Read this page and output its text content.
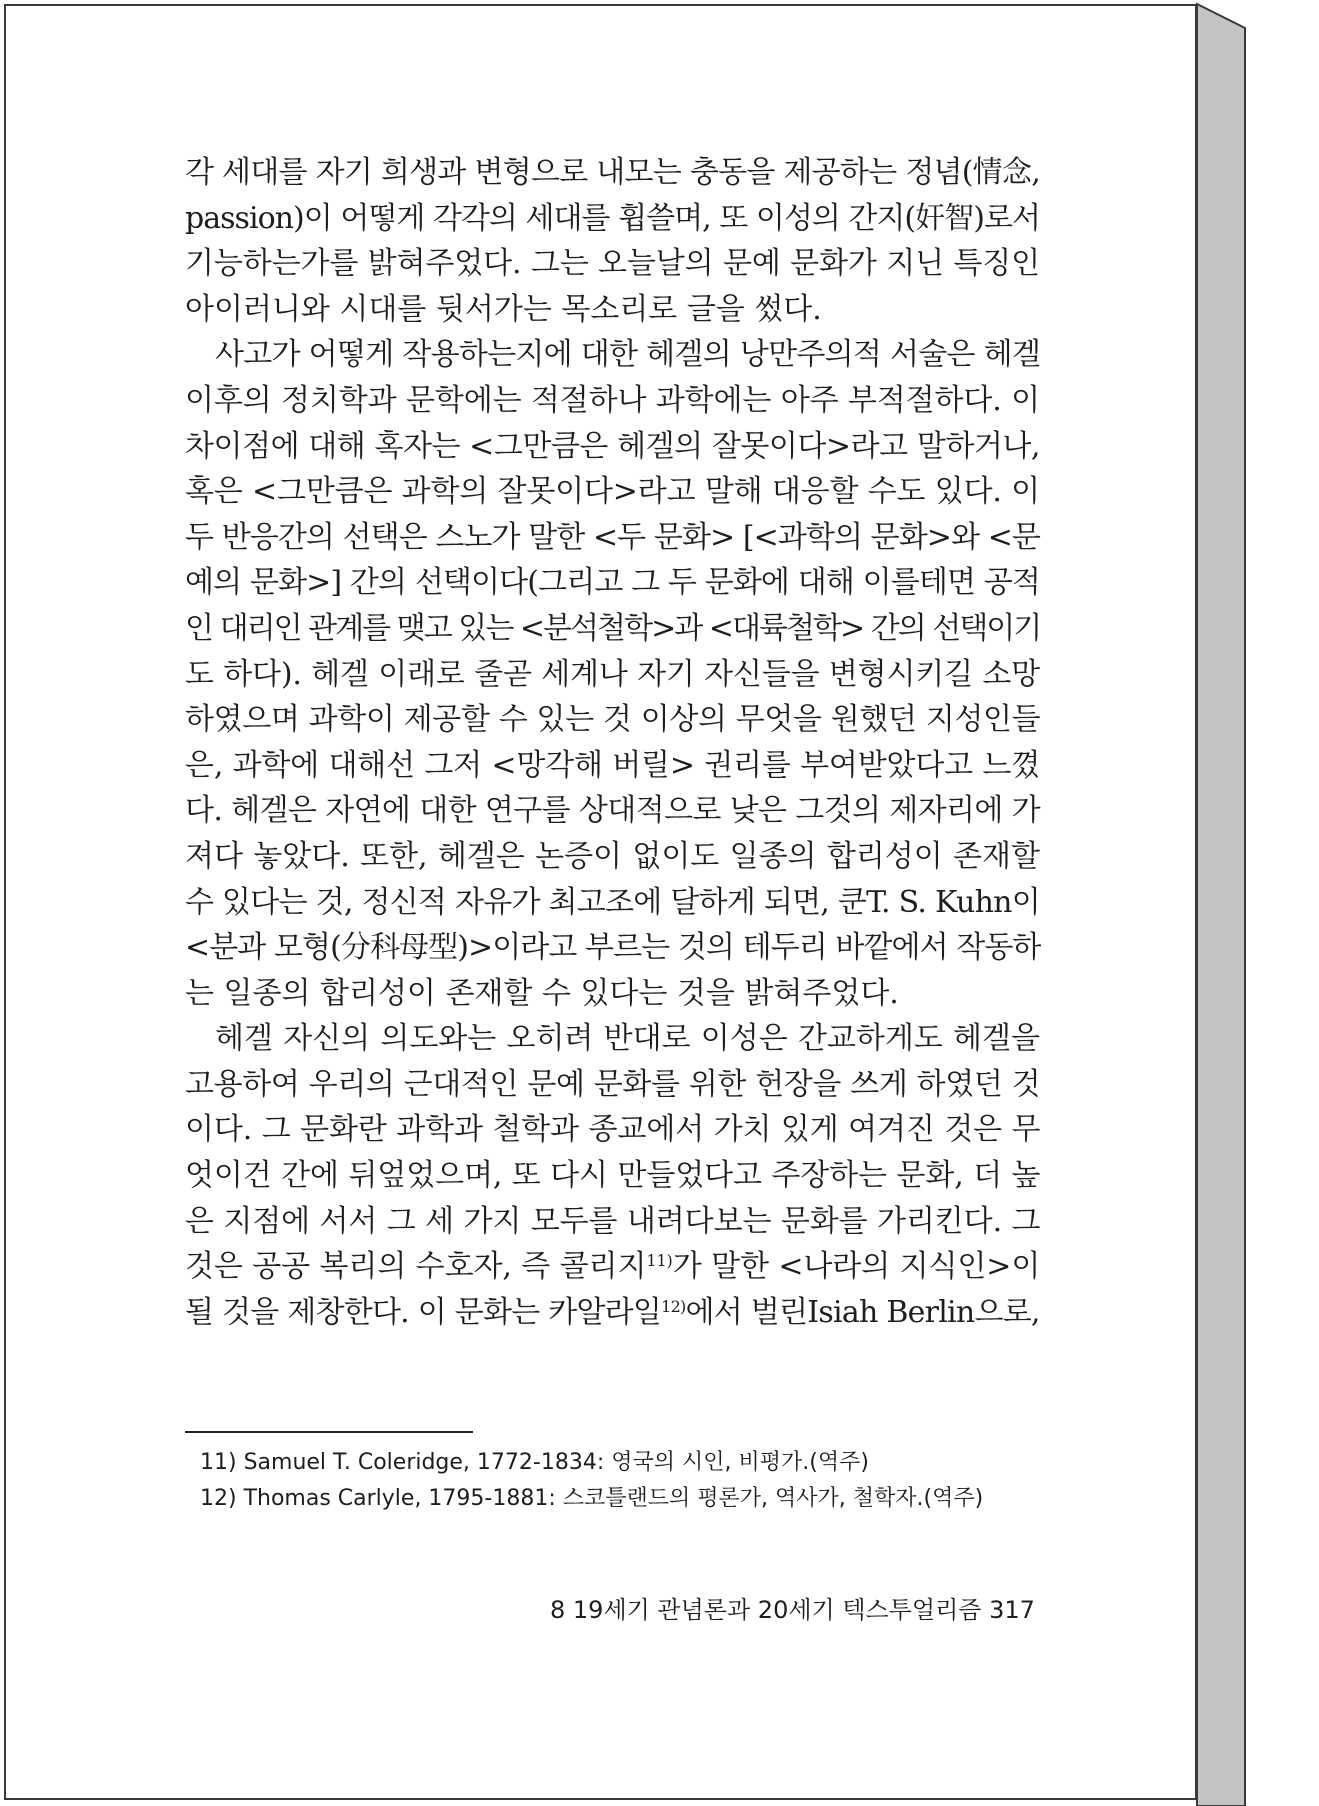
각 세대를 자기 희생과 변형으로 내모는 충동을 제공하는 정념(情念,
passion)이 어떻게 각각의 세대를 휩쓸며, 또 이성의 간지(奸智)로서
기능하는가를 밝혀주었다. 그는 오늘날의 문예 문화가 지닌 특징인
아이러니와 시대를 뒷서가는 목소리로 글을 썼다.
사고가 어떻게 작용하는지에 대한 헤겔의 낭만주의적 서술은 헤겔
이후의 정치학과 문학에는 적절하나 과학에는 아주 부적절하다. 이
차이점에 대해 혹자는 <그만큼은 헤겔의 잘못이다>라고 말하거나,
혹은 <그만큼은 과학의 잘못이다>라고 말해 대응할 수도 있다. 이
두 반응간의 선택은 스노가 말한 <두 문화> [<과학의 문화>와 <문
예의 문화>] 간의 선택이다(그리고 그 두 문화에 대해 이를테면 공적
인 대리인 관계를 맺고 있는 <분석철학>과 <대륙철학> 간의 선택이기
도 하다). 헤겔 이래로 줄곧 세계나 자기 자신들을 변형시키길 소망
하였으며 과학이 제공할 수 있는 것 이상의 무엇을 원했던 지성인들
은, 과학에 대해선 그저 <망각해 버릴> 권리를 부여받았다고 느꼈
다. 헤겔은 자연에 대한 연구를 상대적으로 낮은 그것의 제자리에 가
져다 놓았다. 또한, 헤겔은 논증이 없이도 일종의 합리성이 존재할
수 있다는 것, 정신적 자유가 최고조에 달하게 되면, 쿤T. S. Kuhn이
<분과 모형(分科母型)>이라고 부르는 것의 테두리 바깥에서 작동하
는 일종의 합리성이 존재할 수 있다는 것을 밝혀주었다.
헤겔 자신의 의도와는 오히려 반대로 이성은 간교하게도 헤겔을
고용하여 우리의 근대적인 문예 문화를 위한 헌장을 쓰게 하였던 것
이다. 그 문화란 과학과 철학과 종교에서 가치 있게 여겨진 것은 무
엇이건 간에 뒤엎었으며, 또 다시 만들었다고 주장하는 문화, 더 높
은 지점에 서서 그 세 가지 모두를 내려다보는 문화를 가리킨다. 그
것은 공공 복리의 수호자, 즉 콜리지$^{11)}$가 말한 <나라의 지식인>이
될 것을 제창한다. 이 문화는 카알라일$^{12)}$에서 벌린Isiah Berlin으로,
11) Samuel T. Coleridge, 1772-1834: 영국의 시인, 비평가.(역주)
12) Thomas Carlyle, 1795-1881: 스코틀랜드의 평론가, 역사가, 철학자.(역주)
8 19세기 관념론과 20세기 텍스투얼리즘 317
